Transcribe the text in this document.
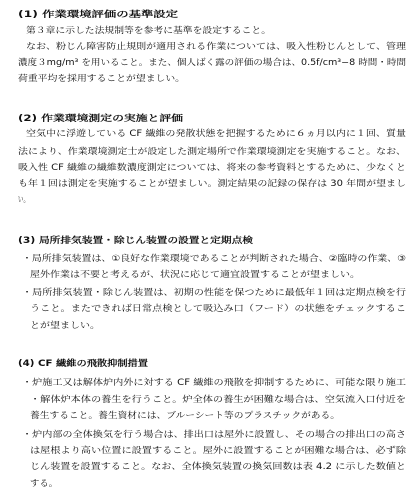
(1) 作業環境評価の基準設定

第３章に示した法規制等を参考に基準を設定すること。

なお、粉じん障害防止規則が適用される作業については、吸入性粉じんとして、管理

濃度３mg/m³ を用いること。また、個人ばく露の評価の場合は、0.5f/cm³−8 時間・時間

荷重平均を採用することが望ましい。

(2) 作業環境測定の実施と評価

空気中に浮遊している CF 繊維の発散状態を把握するために６ヵ月以内に１回、質量

法により、作業環境測定士が設定した測定場所で作業環境測定を実施すること。なお、

吸入性 CF 繊維の繊維数濃度測定については、将来の参考資料とするために、少なくと

も年１回は測定を実施することが望ましい。測定結果の記録の保存は 30 年間が望まし

い。

(3) 局所排気装置・除じん装置の設置と定期点検

・局所排気装置は、①良好な作業環境であることが判断された場合、②臨時の作業、③

屋外作業は不要と考えるが、状況に応じて適宜設置することが望ましい。

・局所排気装置・除じん装置は、初期の性能を保つために最低年１回は定期点検を行

うこと。またできれば日常点検として吸込み口（フード）の状態をチェックするこ

とが望ましい。

(4) CF 繊維の飛散抑制措置

・炉施工又は解体炉内外に対する CF 繊維の飛散を抑制するために、可能な限り施工

・解体炉本体の養生を行うこと。炉全体の養生が困難な場合は、空気流入口付近を

養生すること。養生資材には、ブルーシート等のプラスチックがある。

・炉内部の全体換気を行う場合は、排出口は屋外に設置し、その場合の排出口の高さ

は屋根より高い位置に設置すること。屋外に設置することが困難な場合は、必ず除

じん装置を設置すること。なお、全体換気装置の換気回数は表 4.2 に示した数値と

する。
